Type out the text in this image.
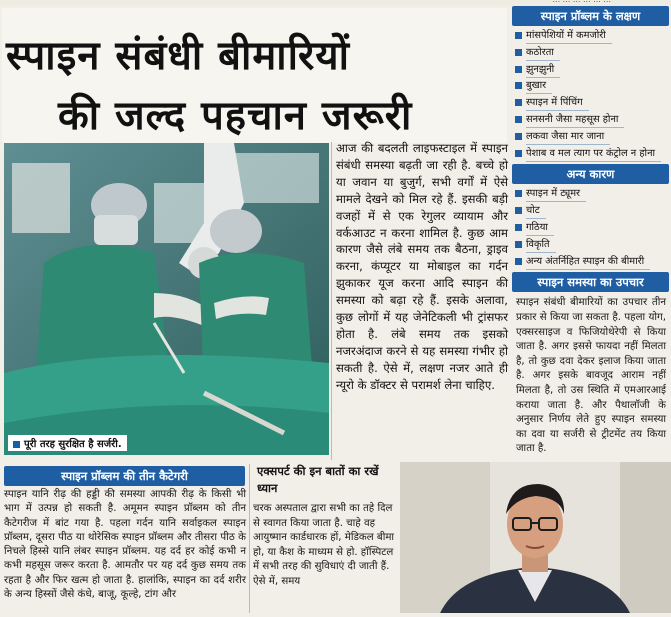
स्पाइन संबंधी बीमारियों
की जल्द पहचान जरूरी
पूरी तरह सुरक्षित है सर्जरी.
आज की बदलती लाइफस्टाइल में स्पाइन संबंधी समस्या बढ़ती जा रही है. बच्चे हो या जवान या बुजुर्ग, सभी वर्गों में ऐसे मामले देखने को मिल रहे हैं. इसकी बड़ी वजहों में से एक रेगुलर व्यायाम और वर्कआउट न करना शामिल है. कुछ आम कारण जैसे लंबे समय तक बैठना, ड्राइव करना, कंप्यूटर या मोबाइल का गर्दन झुकाकर यूज करना आदि स्पाइन की समस्या को बढ़ा रहे हैं. इसके अलावा, कुछ लोगों में यह जेनेटिकली भी ट्रांसफर होता है. लंबे समय तक इसको नजरअंदाज करने से यह समस्या गंभीर हो सकती है. ऐसे में, लक्षण नजर आते ही न्यूरो के डॉक्टर से परामर्श लेना चाहिए.
स्पाइन प्रॉब्लम के लक्षण
मांसपेशियों में कमजोरी
कठोरता
झुनझुनी
बुखार
स्पाइन में पिंचिंग
सनसनी जैसा महसूस होना
लकवा जैसा मार जाना
पेशाब व मल त्याग पर कंट्रोल न होना
अन्य कारण
स्पाइन में ट्यूमर
चोट
गठिया
विकृति
अन्य अंतर्निहित स्पाइन की बीमारी
स्पाइन समस्या का उपचार
स्पाइन संबंधी बीमारियों का उपचार तीन प्रकार से किया जा सकता है. पहला योग, एक्सरसाइज व फिजियोथेरेपी से किया जाता है. अगर इससे फायदा नहीं मिलता है, तो कुछ दवा देकर इलाज किया जाता है. अगर इसके बावजूद आराम नहीं मिलता है, तो उस स्थिति में एमआरआई कराया जाता है. और पैथालॉजी के अनुसार निर्णय लेते हुए स्पाइन समस्या का दवा या सर्जरी से ट्रीटमेंट तय किया जाता है.
स्पाइन प्रॉब्लम की तीन कैटेगरी
स्पाइन यानि रीढ़ की हड्डी की समस्या आपकी रीढ़ के किसी भी भाग में उत्पन्न हो सकती है. अमूमन स्पाइन प्रॉब्लम को तीन कैटेगरीज में बांट गया है. पहला गर्दन यानि सर्वाइकल स्पाइन प्रॉब्लम, दूसरा पीठ या थोरेसिक स्पाइन प्रॉब्लम और तीसरा पीठ के निचले हिस्से यानि लंबर स्पाइन प्रॉब्लम. यह दर्द हर कोई कभी न कभी महसूस जरूर करता है. आमतौर पर यह दर्द कुछ समय तक रहता है और फिर खत्म हो जाता है. हालांकि, स्पाइन का दर्द शरीर के अन्य हिस्सों जैसे कंधे, बाजू, कूल्हे, टांग और
एक्सपर्ट की इन बातों का रखें ध्यान
चरक अस्पताल द्वारा सभी का तहे दिल से स्वागत किया जाता है. चाहे वह आयुष्मान कार्डधारक हों, मेडिकल बीमा हो, या कैश के माध्यम से हो. हॉस्पिटल में सभी तरह की सुविधाएं दी जाती हैं. ऐसे में, समय
